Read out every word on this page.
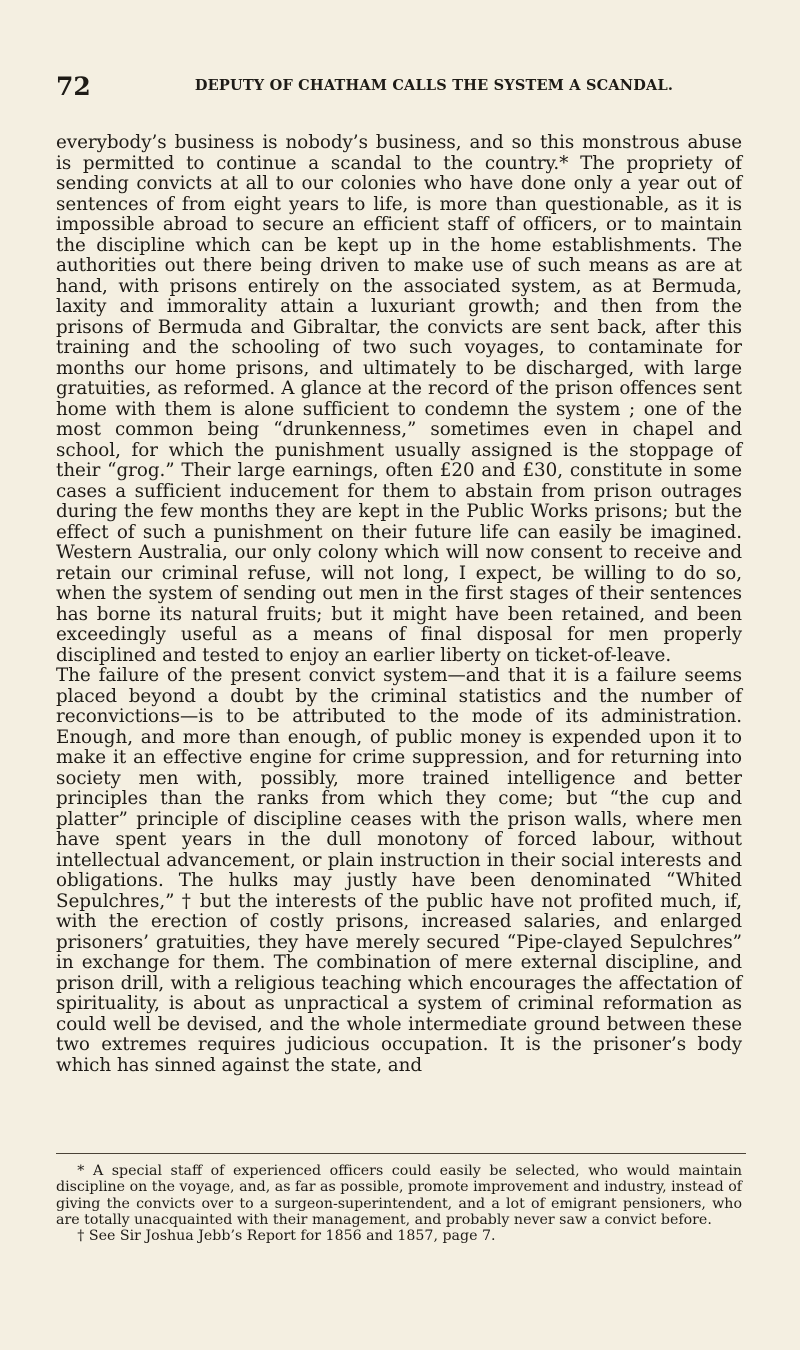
72	DEPUTY OF CHATHAM CALLS THE SYSTEM A SCANDAL.

everybody’s business is nobody’s business, and so this monstrous abuse is permitted to continue a scandal to the country.* The propriety of sending convicts at all to our colonies who have done only a year out of sentences of from eight years to life, is more than questionable, as it is impossible abroad to secure an efficient staff of officers, or to maintain the discipline which can be kept up in the home establishments. The authorities out there being driven to make use of such means as are at hand, with prisons entirely on the associated system, as at Bermuda, laxity and immorality attain a luxuriant growth; and then from the prisons of Bermuda and Gibraltar, the convicts are sent back, after this training and the schooling of two such voyages, to contaminate for months our home prisons, and ultimately to be discharged, with large gratuities, as reformed. A glance at the record of the prison offences sent home with them is alone sufficient to condemn the system ; one of the most common being “drunkenness,” sometimes even in chapel and school, for which the punishment usually assigned is the stoppage of their “grog.” Their large earnings, often £20 and £30, constitute in some cases a sufficient inducement for them to abstain from prison outrages during the few months they are kept in the Public Works prisons; but the effect of such a punishment on their future life can easily be imagined. Western Australia, our only colony which will now consent to receive and retain our criminal refuse, will not long, I expect, be willing to do so, when the system of sending out men in the first stages of their sentences has borne its natural fruits; but it might have been retained, and been exceedingly useful as a means of final disposal for men properly disciplined and tested to enjoy an earlier liberty on ticket-of-leave.

The failure of the present convict system—and that it is a failure seems placed beyond a doubt by the criminal statistics and the number of reconvictions—is to be attributed to the mode of its administration. Enough, and more than enough, of public money is expended upon it to make it an effective engine for crime suppression, and for returning into society men with, possibly, more trained intelligence and better principles than the ranks from which they come; but “the cup and platter” principle of discipline ceases with the prison walls, where men have spent years in the dull monotony of forced labour, without intellectual advancement, or plain instruction in their social interests and obligations. The hulks may justly have been denominated “Whited Sepulchres,” † but the interests of the public have not profited much, if, with the erection of costly prisons, increased salaries, and enlarged prisoners’ gratuities, they have merely secured “Pipe-clayed Sepulchres” in exchange for them. The combination of mere external discipline, and prison drill, with a religious teaching which encourages the affectation of spirituality, is about as unpractical a system of criminal reformation as could well be devised, and the whole intermediate ground between these two extremes requires judicious occupation. It is the prisoner’s body which has sinned against the state, and

* A special staff of experienced officers could easily be selected, who would maintain discipline on the voyage, and, as far as possible, promote improvement and industry, instead of giving the convicts over to a surgeon-superintendent, and a lot of emigrant pensioners, who are totally unacquainted with their management, and probably never saw a convict before.

† See Sir Joshua Jebb’s Report for 1856 and 1857, page 7.
